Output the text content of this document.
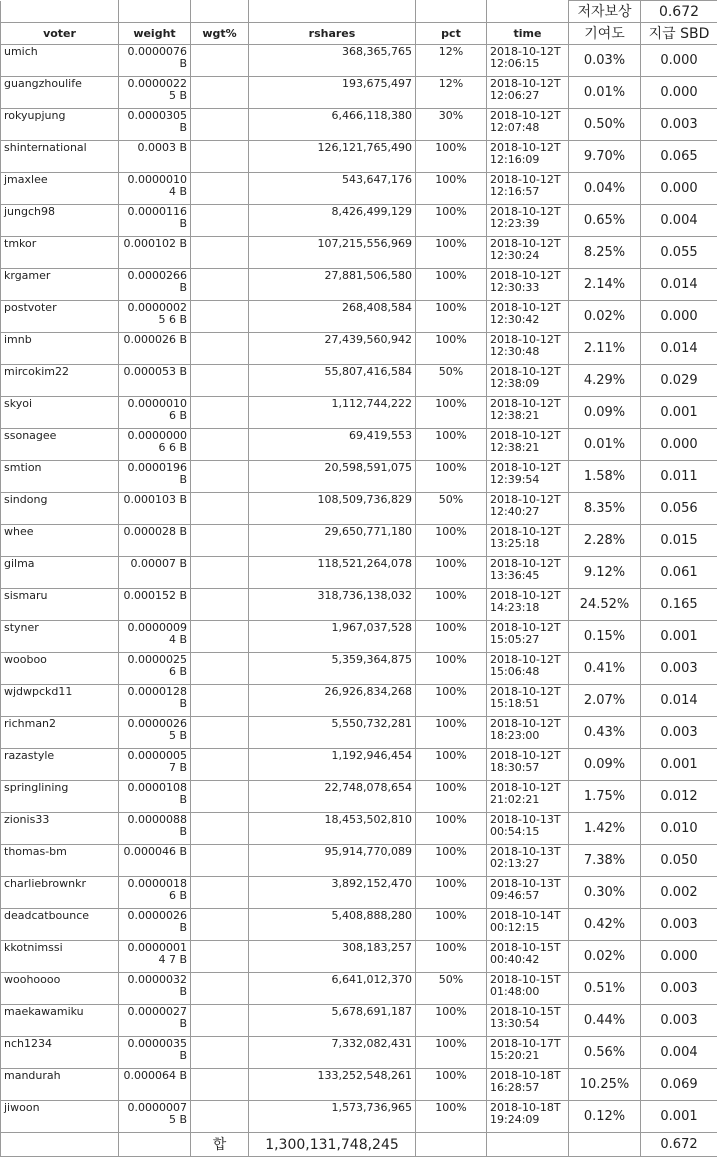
						저자보상	0.672
voter	weight	wgt%	rshares	pct	time	기여도	지급 SBD
umich	0.0000076 B		368,365,765	12%	2018-10-12T12:06:15	0.03%	0.000
guangzhoulife	0.00000225 B		193,675,497	12%	2018-10-12T12:06:27	0.01%	0.000
rokyupjung	0.0000305 B		6,466,118,380	30%	2018-10-12T12:07:48	0.50%	0.003
shinternational	0.0003 B		126,121,765,490	100%	2018-10-12T12:16:09	9.70%	0.065
jmaxlee	0.00000104 B		543,647,176	100%	2018-10-12T12:16:57	0.04%	0.000
jungch98	0.0000116 B		8,426,499,129	100%	2018-10-12T12:23:39	0.65%	0.004
tmkor	0.000102 B		107,215,556,969	100%	2018-10-12T12:30:24	8.25%	0.055
krgamer	0.0000266 B		27,881,506,580	100%	2018-10-12T12:30:33	2.14%	0.014
postvoter	0.00000025 6 B		268,408,584	100%	2018-10-12T12:30:42	0.02%	0.000
imnb	0.000026 B		27,439,560,942	100%	2018-10-12T12:30:48	2.11%	0.014
mircokim22	0.000053 B		55,807,416,584	50%	2018-10-12T12:38:09	4.29%	0.029
skyoi	0.00000106 B		1,112,744,222	100%	2018-10-12T12:38:21	0.09%	0.001
ssonagee	0.00000006 6 B		69,419,553	100%	2018-10-12T12:38:21	0.01%	0.000
smtion	0.0000196 B		20,598,591,075	100%	2018-10-12T12:39:54	1.58%	0.011
sindong	0.000103 B		108,509,736,829	50%	2018-10-12T12:40:27	8.35%	0.056
whee	0.000028 B		29,650,771,180	100%	2018-10-12T13:25:18	2.28%	0.015
gilma	0.00007 B		118,521,264,078	100%	2018-10-12T13:36:45	9.12%	0.061
sismaru	0.000152 B		318,736,138,032	100%	2018-10-12T14:23:18	24.52%	0.165
styner	0.00000094 B		1,967,037,528	100%	2018-10-12T15:05:27	0.15%	0.001
wooboo	0.00000256 B		5,359,364,875	100%	2018-10-12T15:06:48	0.41%	0.003
wjdwpckd11	0.0000128 B		26,926,834,268	100%	2018-10-12T15:18:51	2.07%	0.014
richman2	0.00000265 B		5,550,732,281	100%	2018-10-12T18:23:00	0.43%	0.003
razastyle	0.00000057 B		1,192,946,454	100%	2018-10-12T18:30:57	0.09%	0.001
springlining	0.0000108 B		22,748,078,654	100%	2018-10-12T21:02:21	1.75%	0.012
zionis33	0.0000088 B		18,453,502,810	100%	2018-10-13T00:54:15	1.42%	0.010
thomas-bm	0.000046 B		95,914,770,089	100%	2018-10-13T02:13:27	7.38%	0.050
charliebrownkr	0.00000186 B		3,892,152,470	100%	2018-10-13T09:46:57	0.30%	0.002
deadcatbounce	0.0000026 B		5,408,888,280	100%	2018-10-14T00:12:15	0.42%	0.003
kkotnimssi	0.00000014 7 B		308,183,257	100%	2018-10-15T00:40:42	0.02%	0.000
woohoooo	0.0000032 B		6,641,012,370	50%	2018-10-15T01:48:00	0.51%	0.003
maekawamiku	0.0000027 B		5,678,691,187	100%	2018-10-15T13:30:54	0.44%	0.003
nch1234	0.0000035 B		7,332,082,431	100%	2018-10-17T15:20:21	0.56%	0.004
mandurah	0.000064 B		133,252,548,261	100%	2018-10-18T16:28:57	10.25%	0.069
jiwoon	0.00000075 B		1,573,736,965	100%	2018-10-18T19:24:09	0.12%	0.001
		합	1,300,131,748,245				0.672
